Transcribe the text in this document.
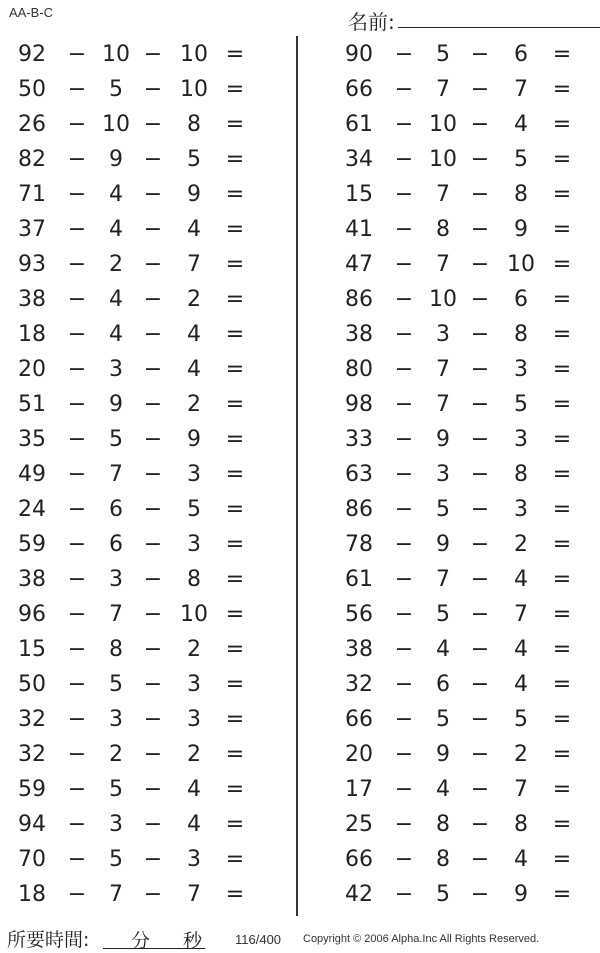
AA-B-C	名前:
92 − 10 − 10 =
50 −	5 − 10 =
26 − 10 −	8	=
82 −	9 −	5	=
71 −	4 −	9	=
37 −	4 −	4	=
93 −	2 −	7	=
38 −	4 −	2	=
18 −	4 −	4	=
20 −	3 −	4	=
51 −	9 −	2	=
35 −	5 −	9	=
49 −	7 −	3	=
24 −	6 −	5	=
59 −	6 −	3	=
38 −	3 −	8	=
96 −	7 − 10 =
15 −	8 −	2	=
50 −	5 −	3	=
32 −	3 −	3	=
32 −	2 −	2	=
59 −	5 −	4	=
94 −	3 −	4	=
70 −	5 −	3	=
18 −	7 −	7	=
90 −	5 −	6	=
66 −	7 −	7	=
61 − 10 −	4	=
34 − 10 −	5	=
15 −	7 −	8	=
41 −	8 −	9	=
47 −	7 − 10 =
86 − 10 −	6	=
38 −	3 −	8	=
80 −	7 −	3	=
98 −	7 −	5	=
33 −	9 −	3	=
63 −	3 −	8	=
86 −	5 −	3	=
78 −	9 −	2	=
61 −	7 −	4	=
56 −	5 −	7	=
38 −	4 −	4	=
32 −	6 −	4	=
66 −	5 −	5	=
20 −	9 −	2	=
17 −	4 −	7	=
25 −	8 −	8	=
66 −	8 −	4	=
42 −	5 −	9	=
所要時間: 分 秒	116/400 Copyright © 2006 Alpha.Inc All Rights Reserved.
